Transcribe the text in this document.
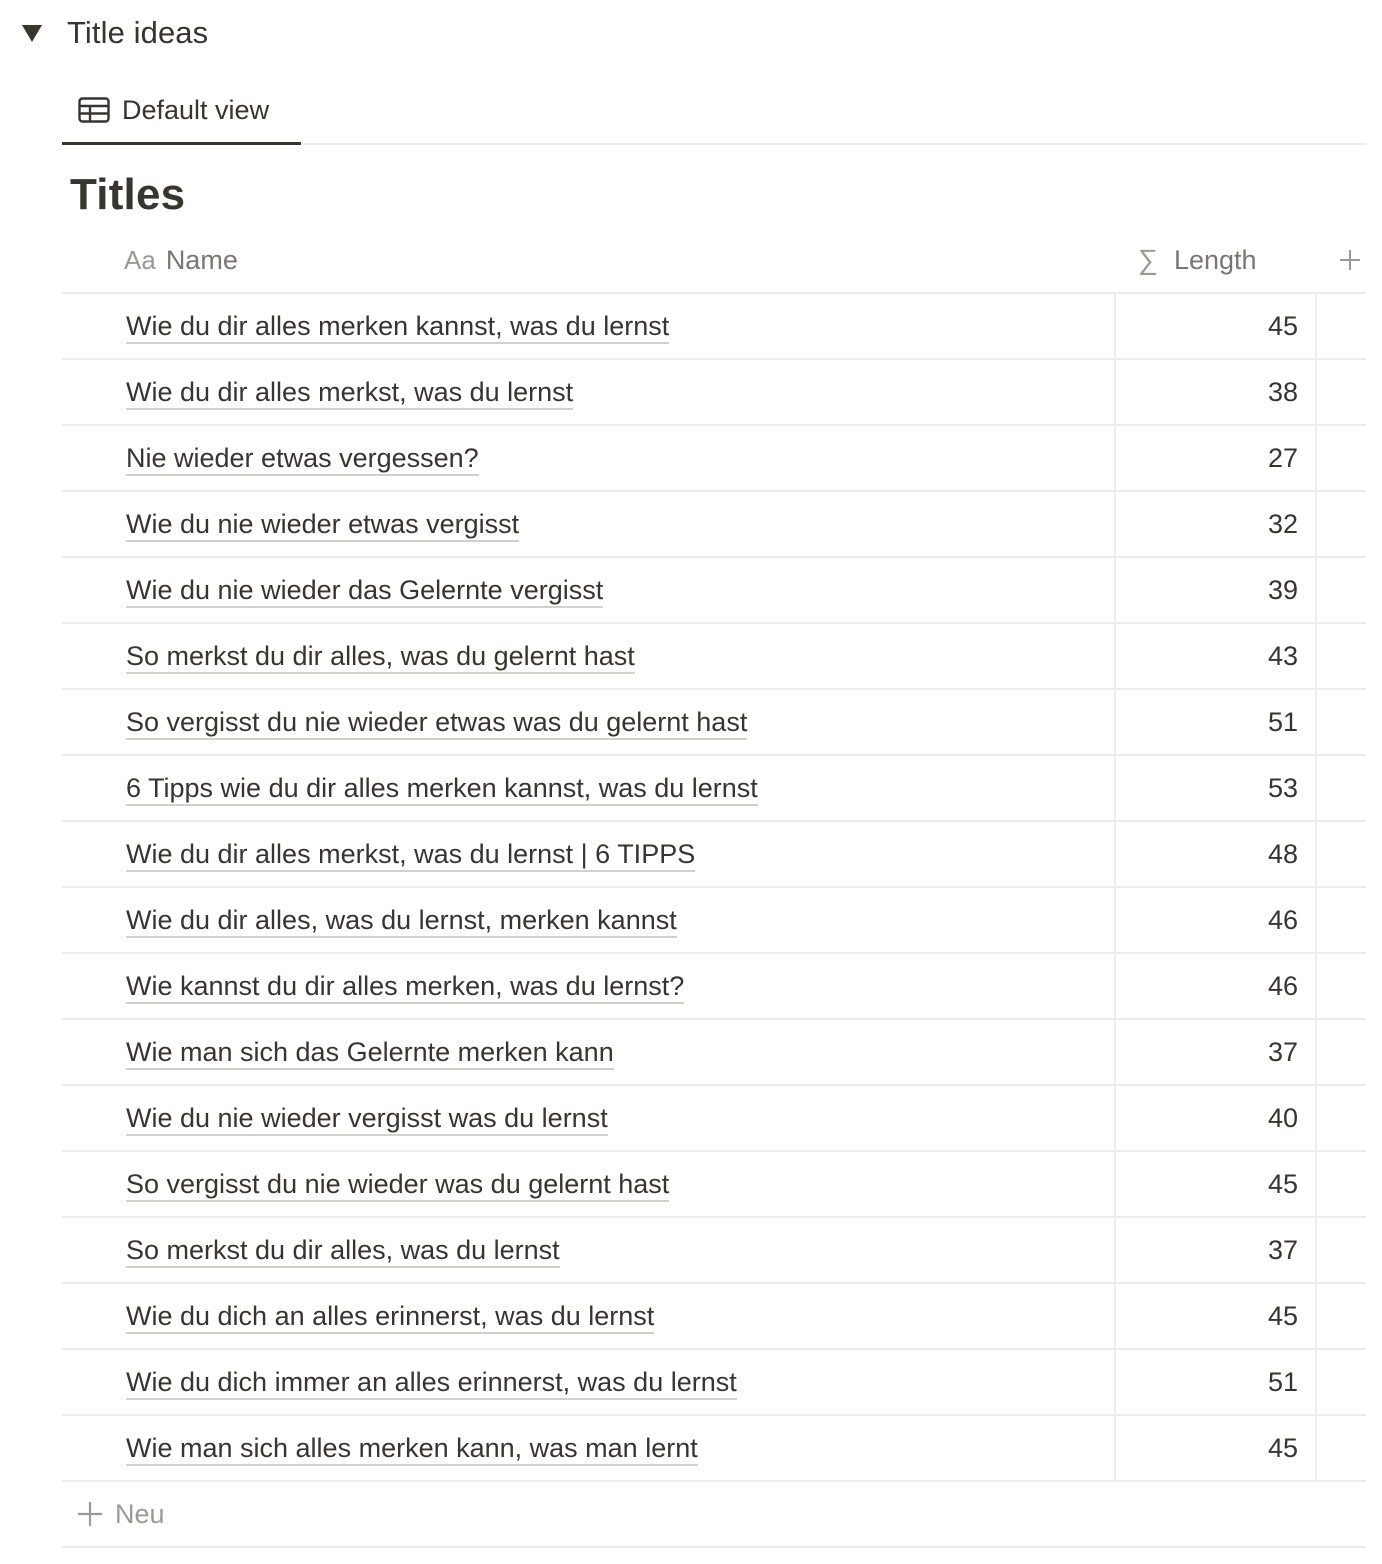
Title ideas
Default view
Titles
Aa Name	∑ Length
Wie du dir alles merken kannst, was du lernst	45
Wie du dir alles merkst, was du lernst	38
Nie wieder etwas vergessen?	27
Wie du nie wieder etwas vergisst	32
Wie du nie wieder das Gelernte vergisst	39
So merkst du dir alles, was du gelernt hast	43
So vergisst du nie wieder etwas was du gelernt hast	51
6 Tipps wie du dir alles merken kannst, was du lernst	53
Wie du dir alles merkst, was du lernst | 6 TIPPS	48
Wie du dir alles, was du lernst, merken kannst	46
Wie kannst du dir alles merken, was du lernst?	46
Wie man sich das Gelernte merken kann	37
Wie du nie wieder vergisst was du lernst	40
So vergisst du nie wieder was du gelernt hast	45
So merkst du dir alles, was du lernst	37
Wie du dich an alles erinnerst, was du lernst	45
Wie du dich immer an alles erinnerst, was du lernst	51
Wie man sich alles merken kann, was man lernt	45
Neu
